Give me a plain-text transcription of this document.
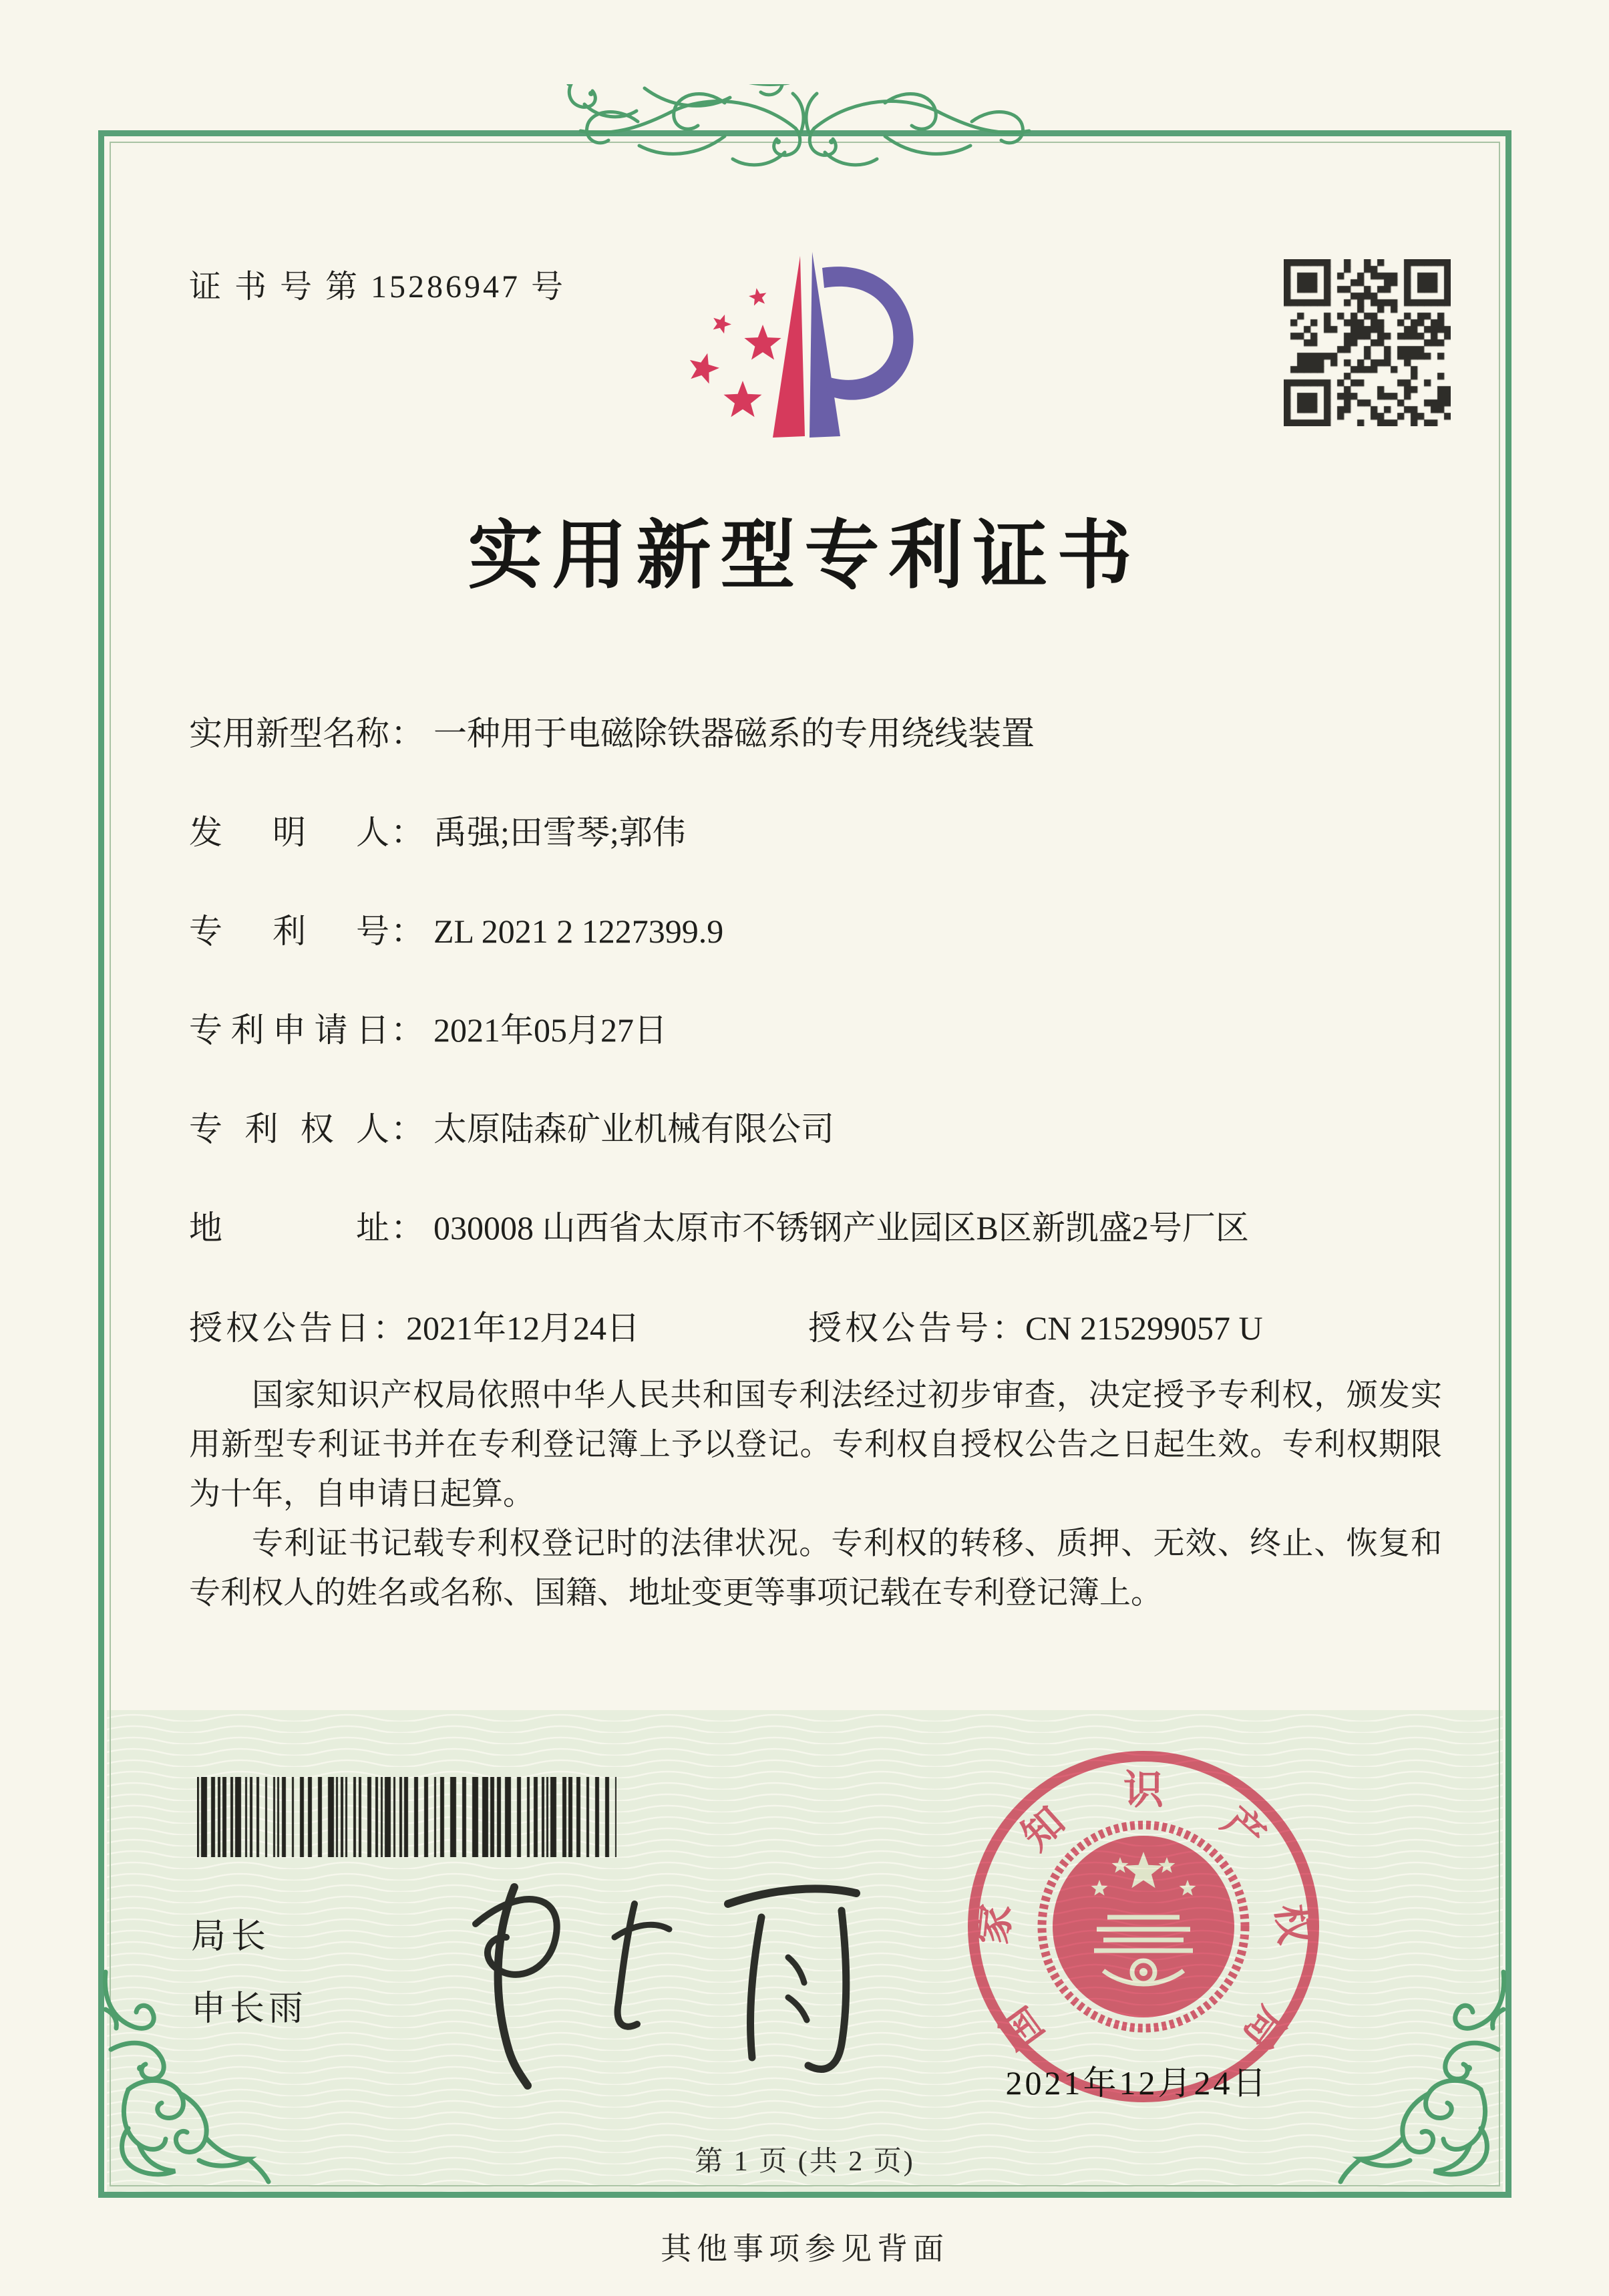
证 书 号 第 15286947 号
实用新型专利证书
实用新型名称： 一种用于电磁除铁器磁系的专用绕线装置
发明人： 禹强;田雪琴;郭伟
专利号： ZL 2021 2 1227399.9
专利申请日： 2021年05月27日
专利权人： 太原陆森矿业机械有限公司
地址： 030008 山西省太原市不锈钢产业园区B区新凯盛2号厂区
授权公告日：2021年12月24日	授权公告号：CN 215299057 U

国家知识产权局依照中华人民共和国专利法经过初步审查，决定授予专利权，颁发实用新型专利证书并在专利登记簿上予以登记。专利权自授权公告之日起生效。专利权期限为十年，自申请日起算。

专利证书记载专利权登记时的法律状况。专利权的转移、质押、无效、终止、恢复和专利权人的姓名或名称、国籍、地址变更等事项记载在专利登记簿上。

局长
申长雨	国
家
知
识
产
权
局
2021年12月24日
第 1 页 (共 2 页)
其他事项参见背面
